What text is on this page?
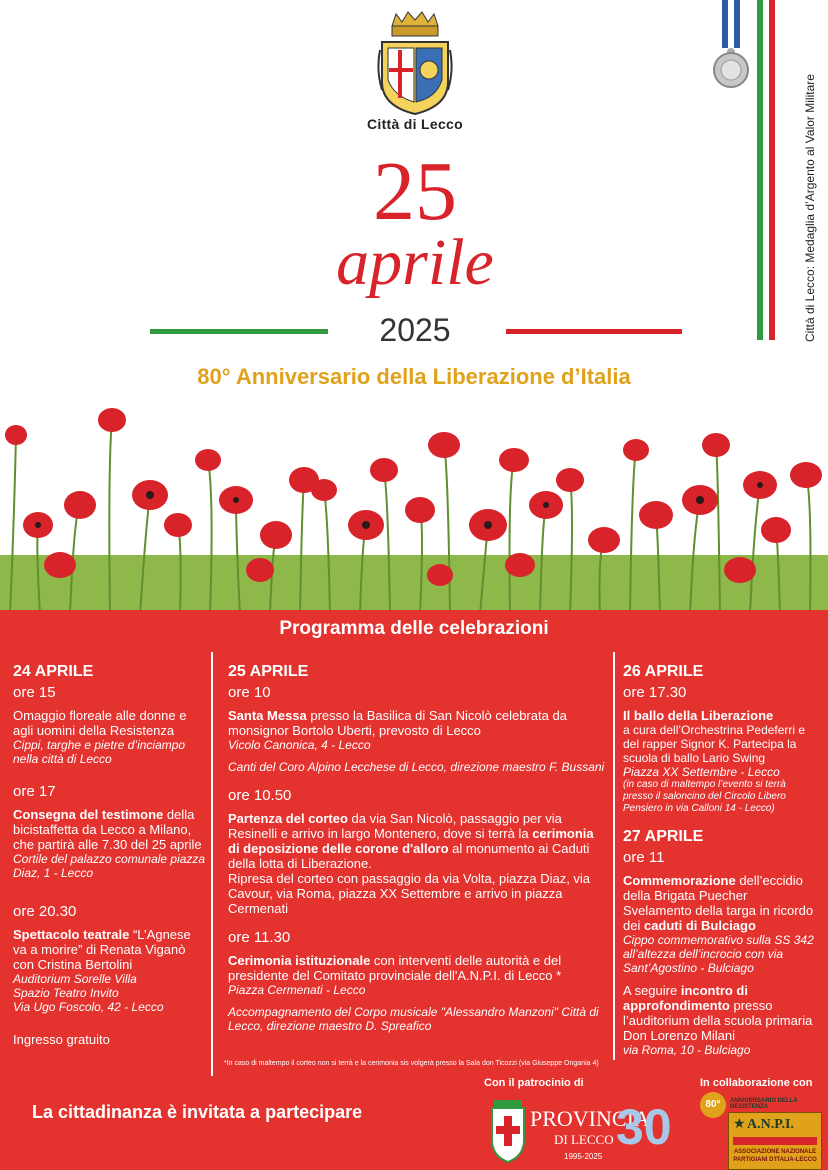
Città di Lecco
25
aprile
2025
80° Anniversario della Liberazione d’Italia
Città di Lecco: Medaglia d’Argento al Valor Militare
Programma delle celebrazioni

24 APRILE

ore 15

Omaggio floreale alle donne e agli uomini della Resistenza

Cippi, targhe e pietre d’inciampo nella città di Lecco

ore 17

Consegna del testimone della bicistaffetta da Lecco a Milano, che partirà alle 7.30 del 25 aprile

Cortile del palazzo comunale piazza Diaz, 1 - Lecco

ore 20.30

Spettacolo teatrale “L’Agnese va a morire” di Renata Viganò con Cristina Bertolini

Auditorium Sorelle Villa

Spazio Teatro Invito

Via Ugo Foscolo, 42 - Lecco

Ingresso gratuito

25 APRILE

ore 10

Santa Messa presso la Basilica di San Nicolò celebrata da monsignor Bortolo Uberti, prevosto di Lecco

Vicolo Canonica, 4 - Lecco

Canti del Coro Alpino Lecchese di Lecco, direzione maestro F. Bussani

ore 10.50

Partenza del corteo da via San Nicolò, passaggio per via Resinelli e arrivo in largo Montenero, dove si terrà la cerimonia di deposizione delle corone d'alloro al monumento ai Caduti della lotta di Liberazione.

Ripresa del corteo con passaggio da via Volta, piazza Diaz, via Cavour, via Roma, piazza XX Settembre e arrivo in piazza Cermenati

ore 11.30

Cerimonia istituzionale con interventi delle autorità e del presidente del Comitato provinciale dell'A.N.P.I. di Lecco *

Piazza Cermenati - Lecco

Accompagnamento del Corpo musicale "Alessandro Manzoni" Città di Lecco, direzione maestro D. Spreafico

26 APRILE

ore 17.30

Il ballo della Liberazione

a cura dell’Orchestrina Pedeferri e del rapper Signor K. Partecipa la scuola di ballo Lario Swing

Piazza XX Settembre - Lecco

(in caso di maltempo l’evento si terrà presso il saloncino del Circolo Libero Pensiero in via Calloni 14 - Lecco)

27 APRILE

ore 11

Commemorazione dell’eccidio della Brigata Puecher Svelamento della targa in ricordo dei caduti di Bulciago

Cippo commemorativo sulla SS 342 all’altezza dell’incrocio con via Sant’Agostino - Bulciago

A seguire incontro di approfondimento presso l’auditorium della scuola primaria Don Lorenzo Milani

via Roma, 10 - Bulciago

*In caso di maltempo il corteo non si terrà e la cerimonia sis volgerà presso la Sala don Ticozzi (via Giuseppe Ongania 4)
La cittadinanza è invitata a partecipare
Con il patrocinio di	In collaborazione con
PROVINCIA
DI LECCO 30
1995-2025
80°	ANNIVERSARIO DELLA RESISTENZA
★ A.N.P.I.
ASSOCIAZIONE NAZIONALE
PARTIGIANI D'ITALIA-LECCO
